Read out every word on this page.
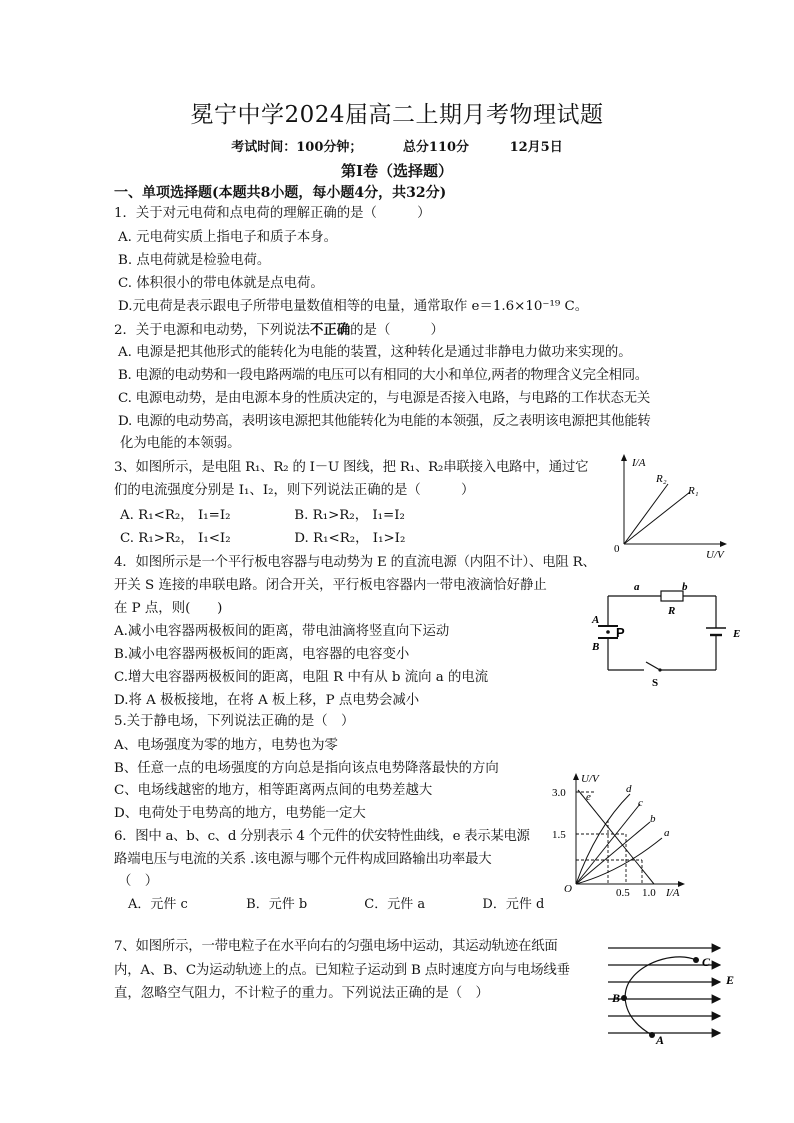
冕宁中学2024届高二上期月考物理试题
考试时间：100分钟；	总分110分	12月5日
第Ⅰ卷（选择题）
一、单项选择题(本题共8小题，每小题4分，共32分)
1．关于对元电荷和点电荷的理解正确的是（　　　）
A. 元电荷实质上指电子和质子本身。
B. 点电荷就是检验电荷。
C. 体积很小的带电体就是点电荷。
D.元电荷是表示跟电子所带电量数值相等的电量，通常取作 e＝1.6×10⁻¹⁹ C。
2．关于电源和电动势，下列说法不正确的是（　　　）
A. 电源是把其他形式的能转化为电能的装置，这种转化是通过非静电力做功来实现的。
B. 电源的电动势和一段电路两端的电压可以有相同的大小和单位,两者的物理含义完全相同。
C. 电源电动势，是由电源本身的性质决定的，与电源是否接入电路，与电路的工作状态无关
D. 电源的电动势高，表明该电源把其他能转化为电能的本领强，反之表明该电源把其他能转
化为电能的本领弱。
3、如图所示，是电阻 R₁、R₂ 的 I－U 图线，把 R₁、R₂串联接入电路中，通过它
们的电流强度分别是 I₁、I₂，则下列说法正确的是（　　　）
A. R₁<R₂， I₁=I₂	B. R₁>R₂， I₁=I₂
C. R₁>R₂， I₁<I₂	D. R₁<R₂， I₁>I₂
I/A
U/V
0
R₂
R₁
4．如图所示是一个平行板电容器与电动势为 E 的直流电源（内阻不计）、电阻 R、
开关 S 连接的串联电路。闭合开关，平行板电容器内一带电液滴恰好静止
在 P 点，则(　　)
A.减小电容器两极板间的距离，带电油滴将竖直向下运动
B.减小电容器两极板间的距离，电容器的电容变小
C.增大电容器两极板间的距离，电阻 R 中有从 b 流向 a 的电流
D.将 A 极板接地，在将 A 板上移，P 点电势会减小
a	b
R
A
B
P	E
S
5.关于静电场，下列说法正确的是（　）
A、电场强度为零的地方，电势也为零
B、任意一点的电场强度的方向总是指向该点电势降落最快的方向
C、电场线越密的地方，相等距离两点间的电势差越大
D、电荷处于电势高的地方，电势能一定大
6．图中 a、b、c、d 分别表示 4 个元件的伏安特性曲线，e 表示某电源
路端电压与电流的关系 .该电源与哪个元件构成回路输出功率最大
（　）
A．元件 c	B．元件 b	C．元件 a	D．元件 d
3.0
1.5
U/V
O	0.5 1.0 I/A
e
d
c
b
a
7、如图所示，一带电粒子在水平向右的匀强电场中运动，其运动轨迹在纸面
内，A、B、C为运动轨迹上的点。已知粒子运动到 B 点时速度方向与电场线垂
直，忽略空气阻力，不计粒子的重力。下列说法正确的是（　）
A
B
C
E
